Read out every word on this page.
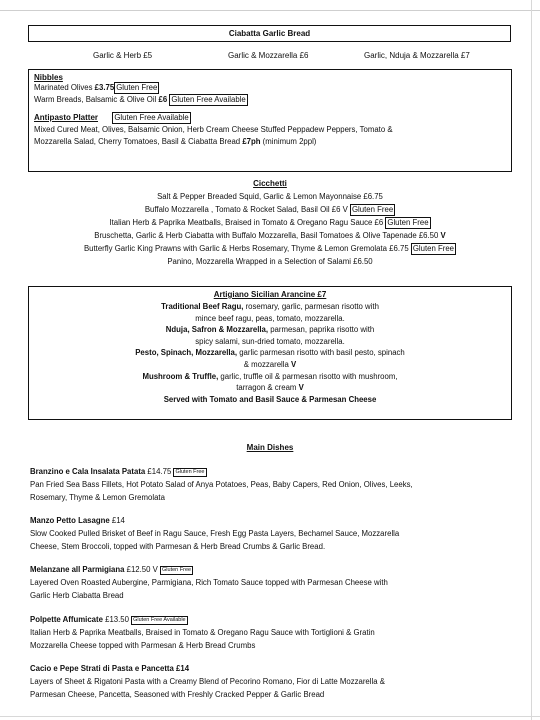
Ciabatta Garlic Bread
Garlic & Herb £5	Garlic & Mozzarella £6	Garlic, Nduja & Mozzarella £7
Nibbles
Marinated Olives £3.75 Gluten Free
Warm Breads, Balsamic & Olive Oil £6 Gluten Free Available
Antipasto Platter Gluten Free Available
Mixed Cured Meat, Olives, Balsamic Onion, Herb Cream Cheese Stuffed Peppadew Peppers, Tomato &
Mozzarella Salad, Cherry Tomatoes, Basil & Ciabatta Bread £7ph (minimum 2ppl)
Cicchetti
Salt & Pepper Breaded Squid, Garlic & Lemon Mayonnaise £6.75
Buffalo Mozzarella , Tomato & Rocket Salad, Basil Oil £6 V Gluten Free
Italian Herb & Paprika Meatballs, Braised in Tomato & Oregano Ragu Sauce £6 Gluten Free
Bruschetta, Garlic & Herb Ciabatta with Buffalo Mozzarella, Basil Tomatoes & Olive Tapenade £6.50 V
Butterfly Garlic King Prawns with Garlic & Herbs Rosemary, Thyme & Lemon Gremolata £6.75 Gluten Free
Panino, Mozzarella Wrapped in a Selection of Salami £6.50
Artigiano Sicilian Arancine £7
Traditional Beef Ragu, rosemary, garlic, parmesan risotto with
mince beef ragu, peas, tomato, mozzarella.
Nduja, Safron & Mozzarella, parmesan, paprika risotto with
spicy salami, sun-dried tomato, mozzarella.
Pesto, Spinach, Mozzarella, garlic parmesan risotto with basil pesto, spinach
& mozzarella V
Mushroom & Truffle, garlic, truffle oil & parmesan risotto with mushroom,
tarragon & cream V
Served with Tomato and Basil Sauce & Parmesan Cheese
Main Dishes
Branzino e Cala Insalata Patata £14.75 Gluten Free
Pan Fried Sea Bass Fillets, Hot Potato Salad of Anya Potatoes, Peas, Baby Capers, Red Onion, Olives, Leeks,
Rosemary, Thyme & Lemon Gremolata
Manzo Petto Lasagne £14
Slow Cooked Pulled Brisket of Beef in Ragu Sauce, Fresh Egg Pasta Layers, Bechamel Sauce, Mozzarella
Cheese, Stem Broccoli, topped with Parmesan & Herb Bread Crumbs & Garlic Bread.
Melanzane all Parmigiana £12.50 V Gluten Free
Layered Oven Roasted Aubergine, Parmigiana, Rich Tomato Sauce topped with Parmesan Cheese with
Garlic Herb Ciabatta Bread
Polpette Affumicate £13.50 Gluten Free Available
Italian Herb & Paprika Meatballs, Braised in Tomato & Oregano Ragu Sauce with Tortiglioni & Gratin
Mozzarella Cheese topped with Parmesan & Herb Bread Crumbs
Cacio e Pepe Strati di Pasta e Pancetta £14
Layers of Sheet & Rigatoni Pasta with a Creamy Blend of Pecorino Romano, Fior di Latte Mozzarella &
Parmesan Cheese, Pancetta, Seasoned with Freshly Cracked Pepper & Garlic Bread
